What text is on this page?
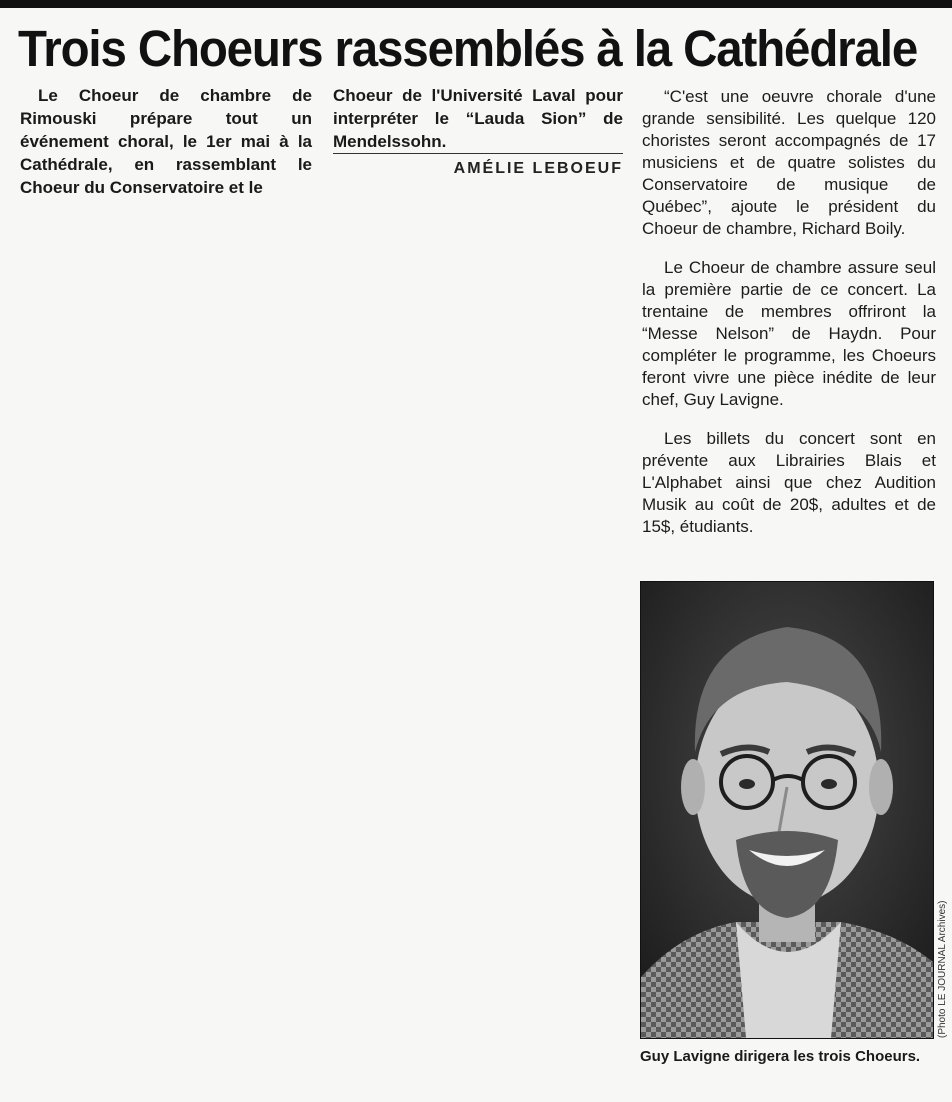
Trois Choeurs rassemblés à la Cathédrale

Le Choeur de chambre de Rimouski prépare tout un événement choral, le 1er mai à la Cathédrale, en rassemblant le Choeur du Conservatoire et le

Choeur de l'Université Laval pour interpréter le “Lauda Sion” de Mendelssohn.

AMÉLIE LEBOEUF

“C'est une oeuvre chorale d'une grande sensibilité. Les quelque 120 choristes seront accompagnés de 17 musiciens et de quatre solistes du Conservatoire de musique de Québec”, ajoute le président du Choeur de chambre, Richard Boily.

Le Choeur de chambre assure seul la première partie de ce concert. La trentaine de membres offriront la “Messe Nelson” de Haydn. Pour compléter le programme, les Choeurs feront vivre une pièce inédite de leur chef, Guy Lavigne.

Les billets du concert sont en prévente aux Librairies Blais et L'Alphabet ainsi que chez Audition Musik au coût de 20$, adultes et de 15$, étudiants.

(Photo LE JOURNAL Archives)

Guy Lavigne dirigera les trois Choeurs.
